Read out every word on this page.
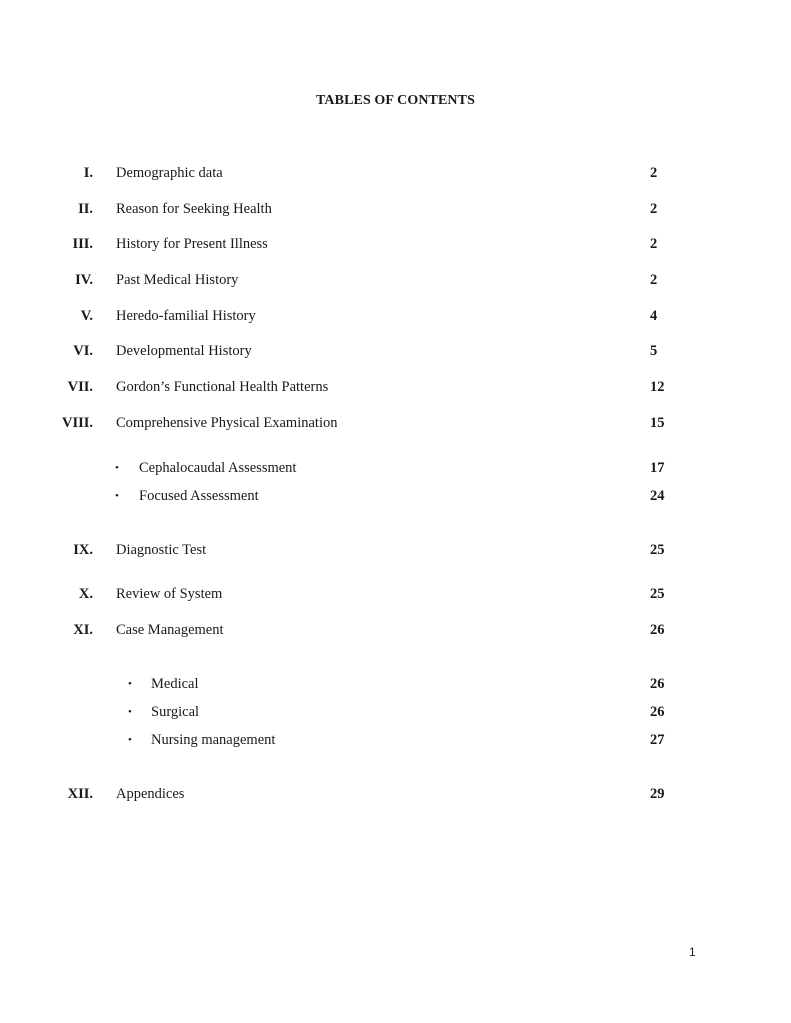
TABLES OF CONTENTS
I. Demographic data	2
II. Reason for Seeking Health	2
III. History for Present Illness	2
IV. Past Medical History	2
V. Heredo-familial History	4
VI. Developmental History	5
VII. Gordon’s Functional Health Patterns	12
VIII. Comprehensive Physical Examination	15
• Cephalocaudal Assessment	17
• Focused Assessment	24
IX. Diagnostic Test	25
X. Review of System	25
XI. Case Management	26
• Medical	26
• Surgical	26
• Nursing management	27
XII. Appendices	29
1
